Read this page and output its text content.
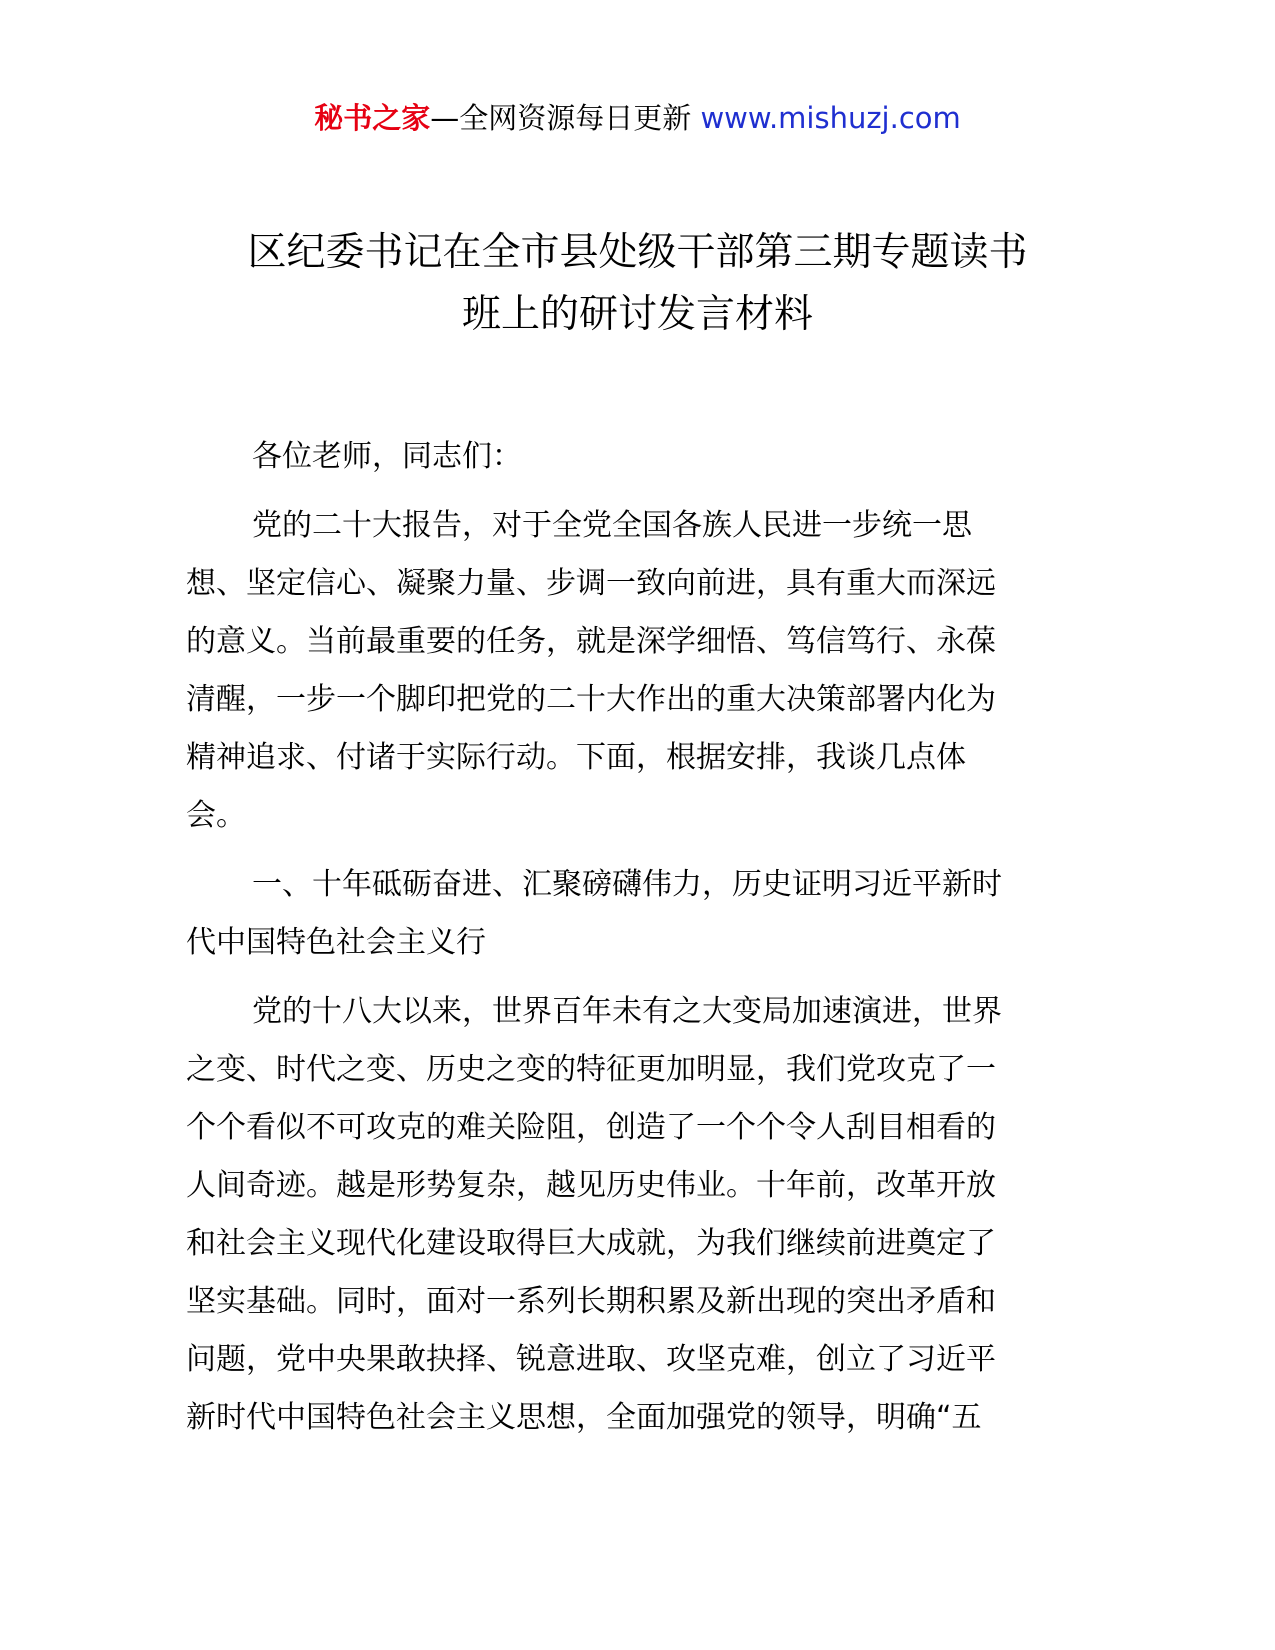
秘书之家—全网资源每日更新 www.mishuzj.com
区纪委书记在全市县处级干部第三期专题读书
班上的研讨发言材料
各位老师，同志们：
党的二十大报告，对于全党全国各族人民进一步统一思
想、坚定信心、凝聚力量、步调一致向前进，具有重大而深远
的意义。当前最重要的任务，就是深学细悟、笃信笃行、永葆
清醒，一步一个脚印把党的二十大作出的重大决策部署内化为
精神追求、付诸于实际行动。下面，根据安排，我谈几点体
会。
一、十年砥砺奋进、汇聚磅礴伟力，历史证明习近平新时
代中国特色社会主义行
党的十八大以来，世界百年未有之大变局加速演进，世界
之变、时代之变、历史之变的特征更加明显，我们党攻克了一
个个看似不可攻克的难关险阻，创造了一个个令人刮目相看的
人间奇迹。越是形势复杂，越见历史伟业。十年前，改革开放
和社会主义现代化建设取得巨大成就，为我们继续前进奠定了
坚实基础。同时，面对一系列长期积累及新出现的突出矛盾和
问题，党中央果敢抉择、锐意进取、攻坚克难，创立了习近平
新时代中国特色社会主义思想，全面加强党的领导，明确“五
